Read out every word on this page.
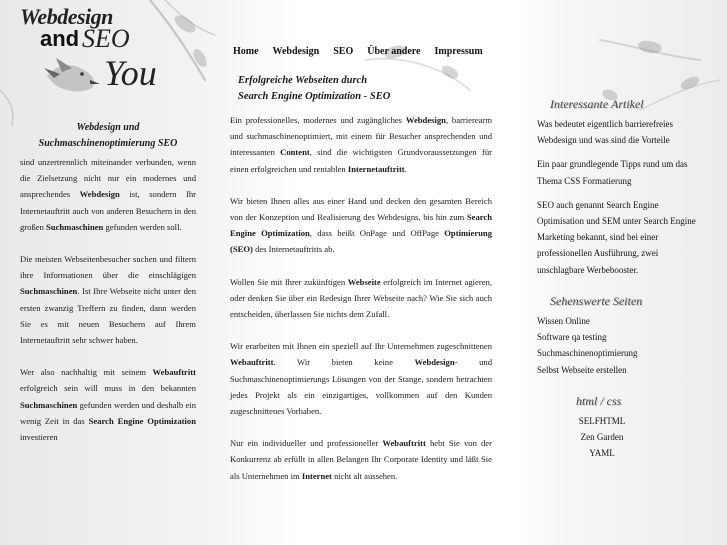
Webdesign
and SEO
You
Home Webdesign SEO Über andere Impressum
Webdesign und
Suchmaschinenoptimierung SEO

sind unzertrennlich miteinander verbunden, wenn die Zielsetzung nicht nur ein modernes und ansprechendes Webdesign ist, sondern Ihr Internetauftritt auch von anderen Besuchern in den großen Suchmaschinen gefunden werden soll.

Die meisten Webseitenbesucher suchen und filtern ihre Informationen über die einschlägigen Suchmaschinen. Ist Ihre Webseite nicht unter den ersten zwanzig Treffern zu finden, dann werden Sie es mit neuen Besuchern auf Ihrem Internetauftritt sehr schwer haben.

Wer also nachhaltig mit seinem Webauftritt erfolgreich sein will muss in den bekannten Suchmaschinen gefunden werden und deshalb ein wenig Zeit in das Search Engine Optimization investieren

Erfolgreiche Webseiten durch
Search Engine Optimization - SEO

Ein professionelles, modernes und zugängliches Webdesign, barrierearm und suchmaschinenoptimiert, mit einem für Besucher ansprechenden und interessanten Content, sind die wichtigsten Grundvoraussetzungen für einen erfolgreichen und rentablen Internetauftritt.

Wir bieten Ihnen alles aus einer Hand und decken den gesamten Bereich von der Konzeption und Realisierung des Webdesigns, bis hin zum Search Engine Optimization, dass heißt OnPage und OffPage Optimierung (SEO) des Internetauftritts ab.

Wollen Sie mit Ihrer zukünftigen Webseite erfolgreich im Internet agieren, oder denken Sie über ein Redesign Ihrer Webseite nach? Wie Sie sich auch entscheiden, überlassen Sie nichts dem Zufall.

Wir erarbeiten mit Ihnen ein speziell auf Ihr Unternehmen zugeschnittenen Webauftritt. Wir bieten keine Webdesign- und Suchmaschinenoptimierungs Lösungen von der Stange, sondern betrachten jedes Projekt als ein einzigartiges, vollkommen auf den Kunden zugeschnittenes Vorhaben.

Nur ein individueller und professioneller Webauftritt hebt Sie von der Konkurrenz ab erfüllt in allen Belangen Ihr Corporate Identity und läßt Sie als Unternehmen im Internet nicht alt aussehen.

Interessante Artikel
Was bedeutet eigentlich barrierefreies Webdesign und was sind die Vorteile
Ein paar grundlegende Tipps rund um das Thema CSS Formatierung
SEO auch genannt Search Engine Optimisation und SEM unter Search Engine Marketing bekannt, sind bei einer professionellen Ausführung, zwei unschlagbare Werbebooster.
Sehenswerte Seiten
Wissen Online
Software qa testing
Suchmaschinenoptimierung
Selbst Webseite erstellen
html / css
SELFHTML
Zen Garden
YAML
